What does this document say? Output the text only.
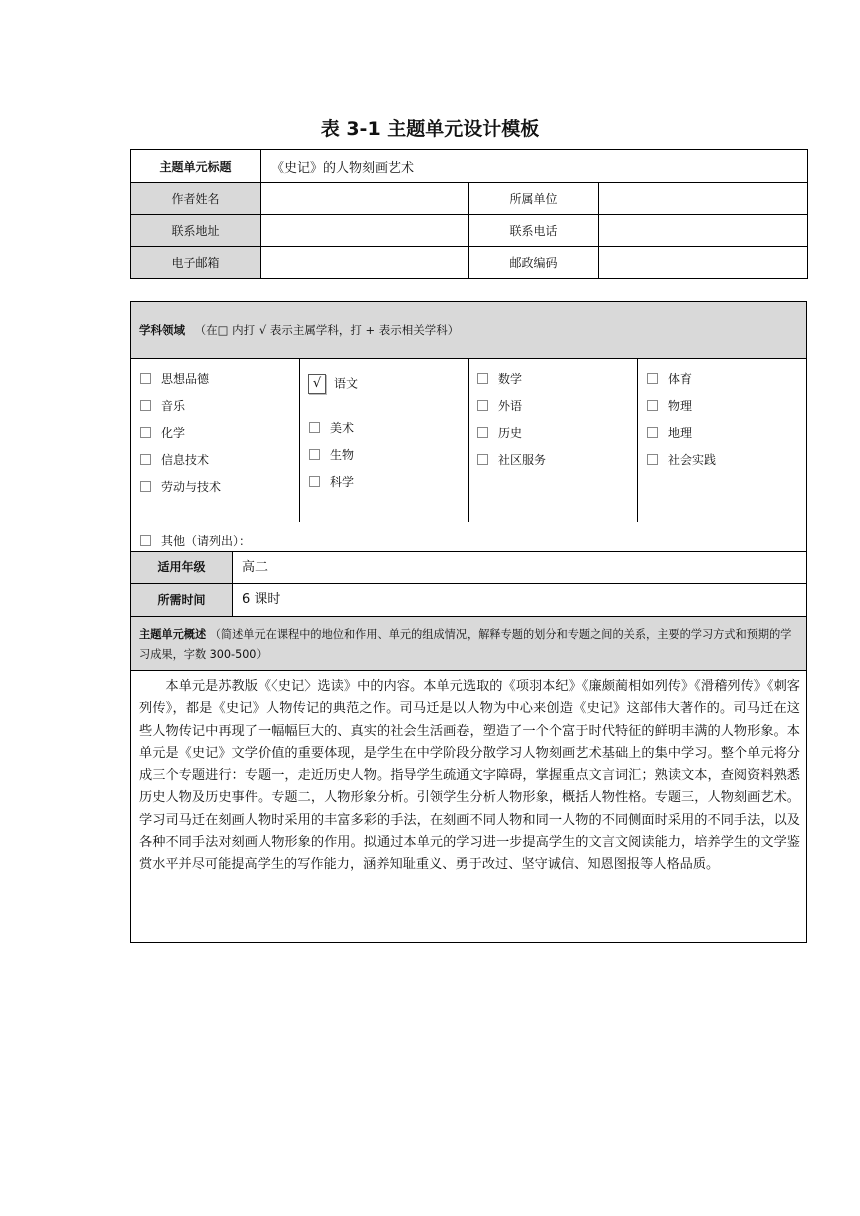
表 3-1 主题单元设计模板
主题单元标题	《史记》的人物刻画艺术		
作者姓名		所属单位	
联系地址		联系电话	
电子邮箱		邮政编码	
学科领域 （在□ 内打 √ 表示主属学科，打 + 表示相关学科）
思想品德
音乐
化学
信息技术
劳动与技术
√ 语文
美术
生物
科学
数学
外语
历史
社区服务
体育
物理
地理
社会实践
其他（请列出）：
适用年级	高二
所需时间	6 课时
主题单元概述 （简述单元在课程中的地位和作用、单元的组成情况，解释专题的划分和专题之间的关系，主要的学习方式和预期的学习成果，字数 300-500）
本单元是苏教版《〈史记〉选读》中的内容。本单元选取的《项羽本纪》《廉颇蔺相如列传》《滑稽列传》《刺客列传》，都是《史记》人物传记的典范之作。司马迁是以人物为中心来创造《史记》这部伟大著作的。司马迁在这些人物传记中再现了一幅幅巨大的、真实的社会生活画卷，塑造了一个个富于时代特征的鲜明丰满的人物形象。本单元是《史记》文学价值的重要体现，是学生在中学阶段分散学习人物刻画艺术基础上的集中学习。整个单元将分成三个专题进行：专题一，走近历史人物。指导学生疏通文字障碍，掌握重点文言词汇；熟读文本，查阅资料熟悉历史人物及历史事件。专题二，人物形象分析。引领学生分析人物形象，概括人物性格。专题三，人物刻画艺术。学习司马迁在刻画人物时采用的丰富多彩的手法，在刻画不同人物和同一人物的不同侧面时采用的不同手法，以及各种不同手法对刻画人物形象的作用。拟通过本单元的学习进一步提高学生的文言文阅读能力，培养学生的文学鉴赏水平并尽可能提高学生的写作能力，涵养知耻重义、勇于改过、坚守诚信、知恩图报等人格品质。
